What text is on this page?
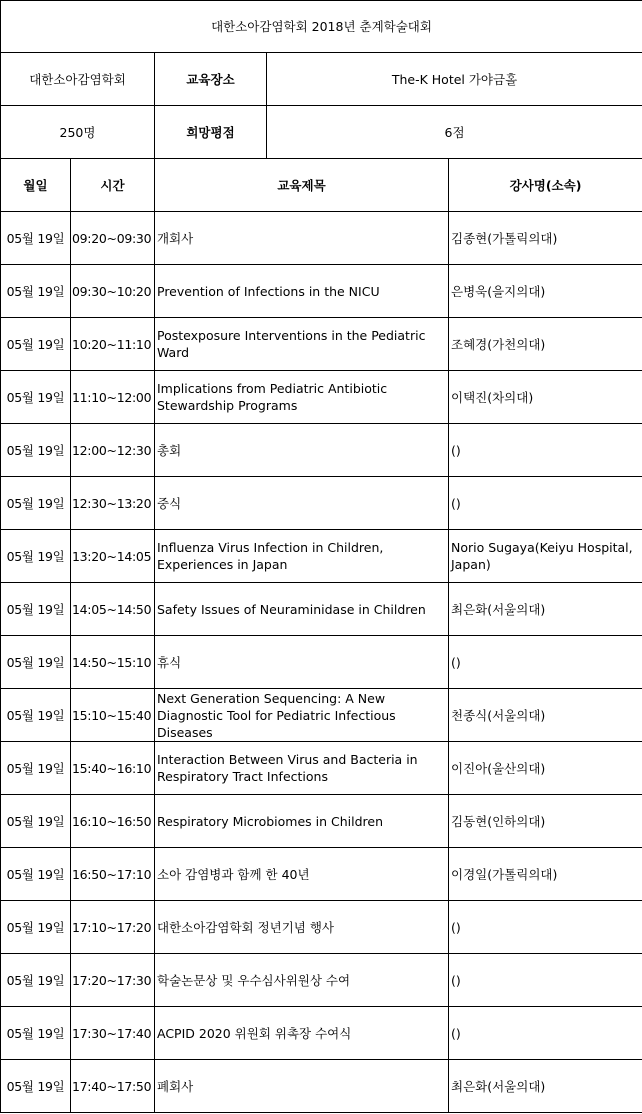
대한소아감염학회 2018년 춘계학술대회				
대한소아감염학회		교육장소	The-K Hotel 가야금홀	
250명		희망평점	6점	
월일	시간	교육제목		강사명(소속)
05월 19일	09:20~09:30	개회사		김종현(가톨릭의대)
05월 19일	09:30~10:20	Prevention of Infections in the NICU		은병욱(을지의대)
05월 19일	10:20~11:10	Postexposure Interventions in the Pediatric Ward		조혜경(가천의대)
05월 19일	11:10~12:00	Implications from Pediatric Antibiotic Stewardship Programs		이택진(차의대)
05월 19일	12:00~12:30	총회		()
05월 19일	12:30~13:20	중식		()
05월 19일	13:20~14:05	Influenza Virus Infection in Children, Experiences in Japan		Norio Sugaya(Keiyu Hospital, Japan)
05월 19일	14:05~14:50	Safety Issues of Neuraminidase in Children		최은화(서울의대)
05월 19일	14:50~15:10	휴식		()
05월 19일	15:10~15:40	Next Generation Sequencing: A New Diagnostic Tool for Pediatric Infectious Diseases		천종식(서울의대)
05월 19일	15:40~16:10	Interaction Between Virus and Bacteria in Respiratory Tract Infections		이진아(울산의대)
05월 19일	16:10~16:50	Respiratory Microbiomes in Children		김동현(인하의대)
05월 19일	16:50~17:10	소아 감염병과 함께 한 40년		이경일(가톨릭의대)
05월 19일	17:10~17:20	대한소아감염학회 정년기념 행사		()
05월 19일	17:20~17:30	학술논문상 및 우수심사위원상 수여		()
05월 19일	17:30~17:40	ACPID 2020 위원회 위촉장 수여식		()
05월 19일	17:40~17:50	폐회사		최은화(서울의대)
